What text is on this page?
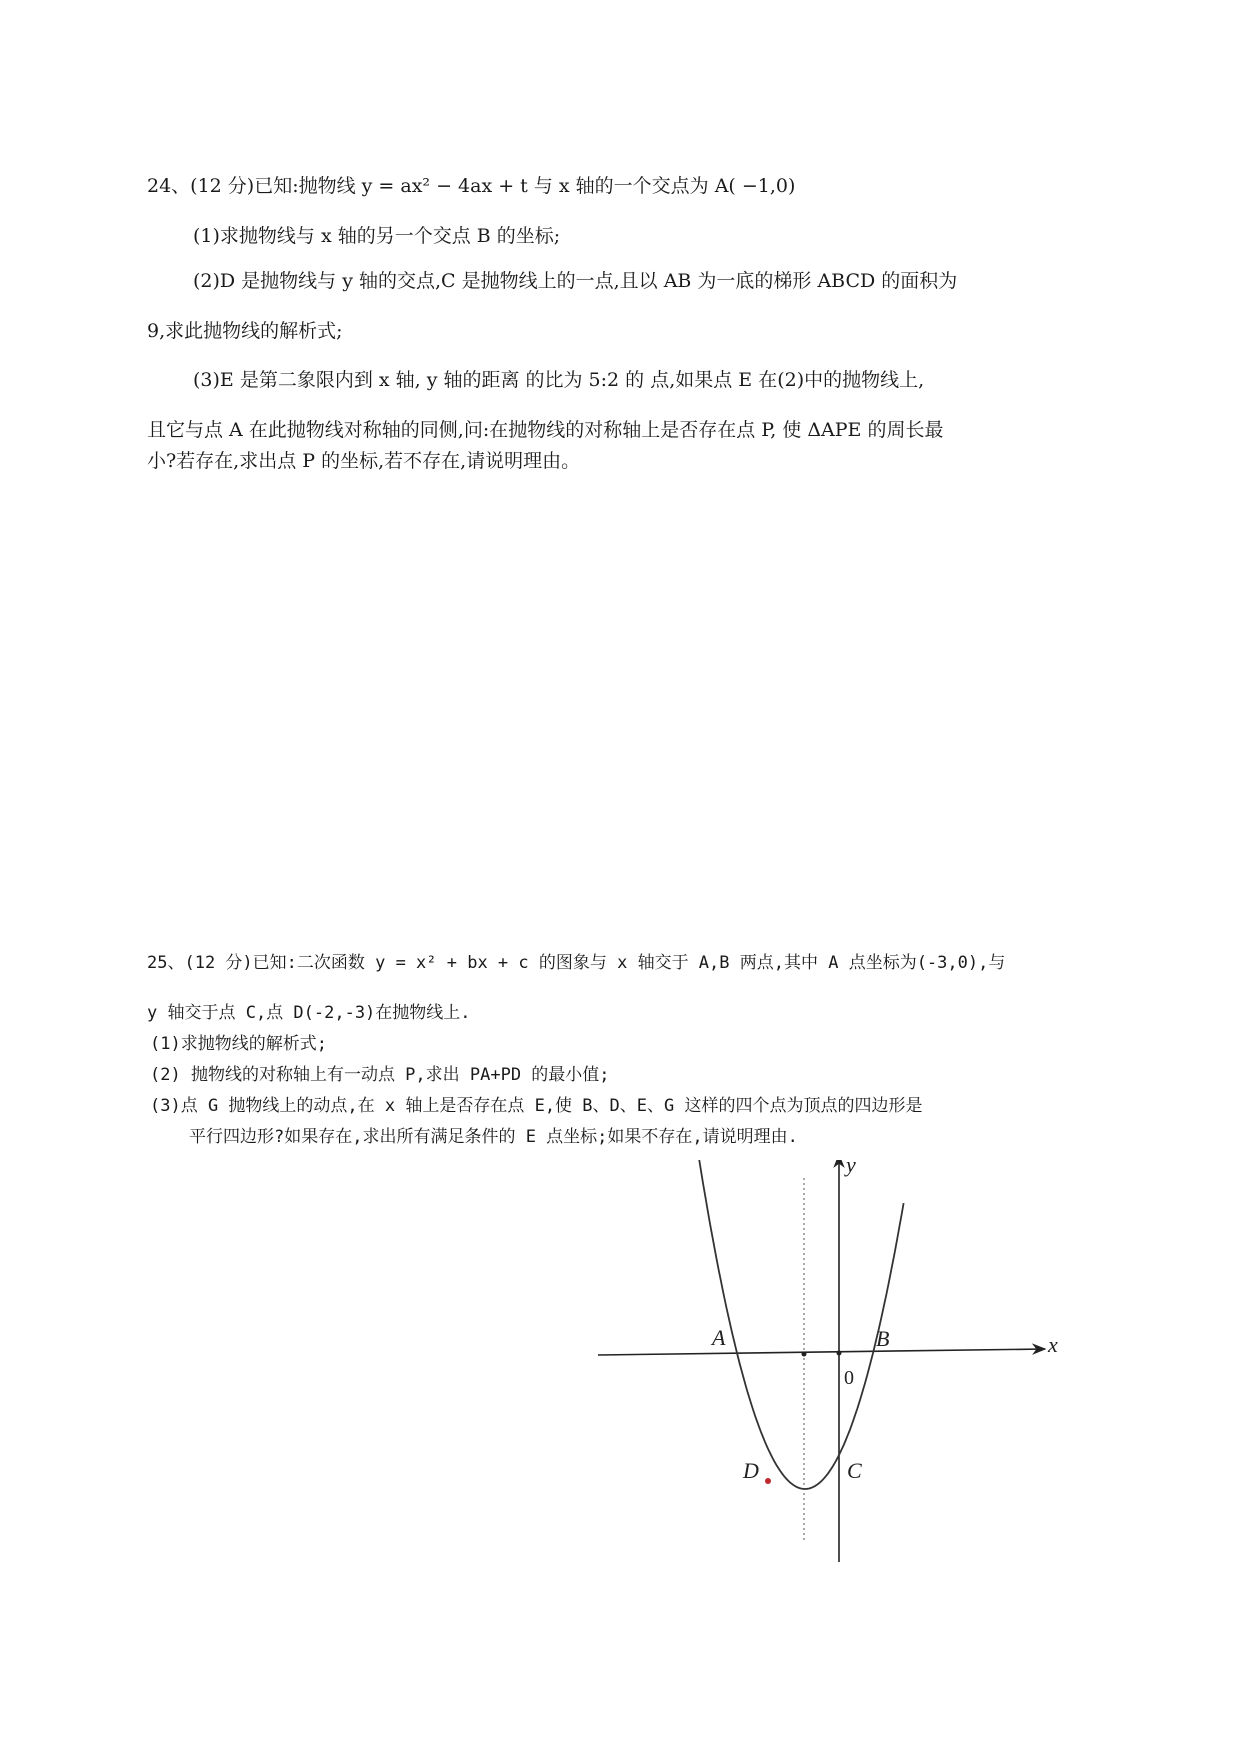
24、(12 分)已知:抛物线 y = ax² − 4ax + t 与 x 轴的一个交点为 A( −1,0)
(1)求抛物线与 x 轴的另一个交点 B 的坐标;
(2)D 是抛物线与 y 轴的交点,C 是抛物线上的一点,且以 AB 为一底的梯形 ABCD 的面积为
9,求此抛物线的解析式;
(3)E 是第二象限内到 x 轴, y 轴的距离 的比为 5:2 的 点,如果点 E 在(2)中的抛物线上,
且它与点 A 在此抛物线对称轴的同侧,问:在抛物线的对称轴上是否存在点 P, 使 ΔAPE 的周长最
小?若存在,求出点 P 的坐标,若不存在,请说明理由。
25、(12 分)已知:二次函数 y = x² + bx + c 的图象与 x 轴交于 A,B 两点,其中 A 点坐标为(-3,0),与
y 轴交于点 C,点 D(-2,-3)在抛物线上.
(1)求抛物线的解析式;
(2) 抛物线的对称轴上有一动点 P,求出 PA+PD 的最小值;
(3)点 G 抛物线上的动点,在 x 轴上是否存在点 E,使 B、D、E、G 这样的四个点为顶点的四边形是
平行四边形?如果存在,求出所有满足条件的 E 点坐标;如果不存在,请说明理由.
A	B
0
C
D
x
y
